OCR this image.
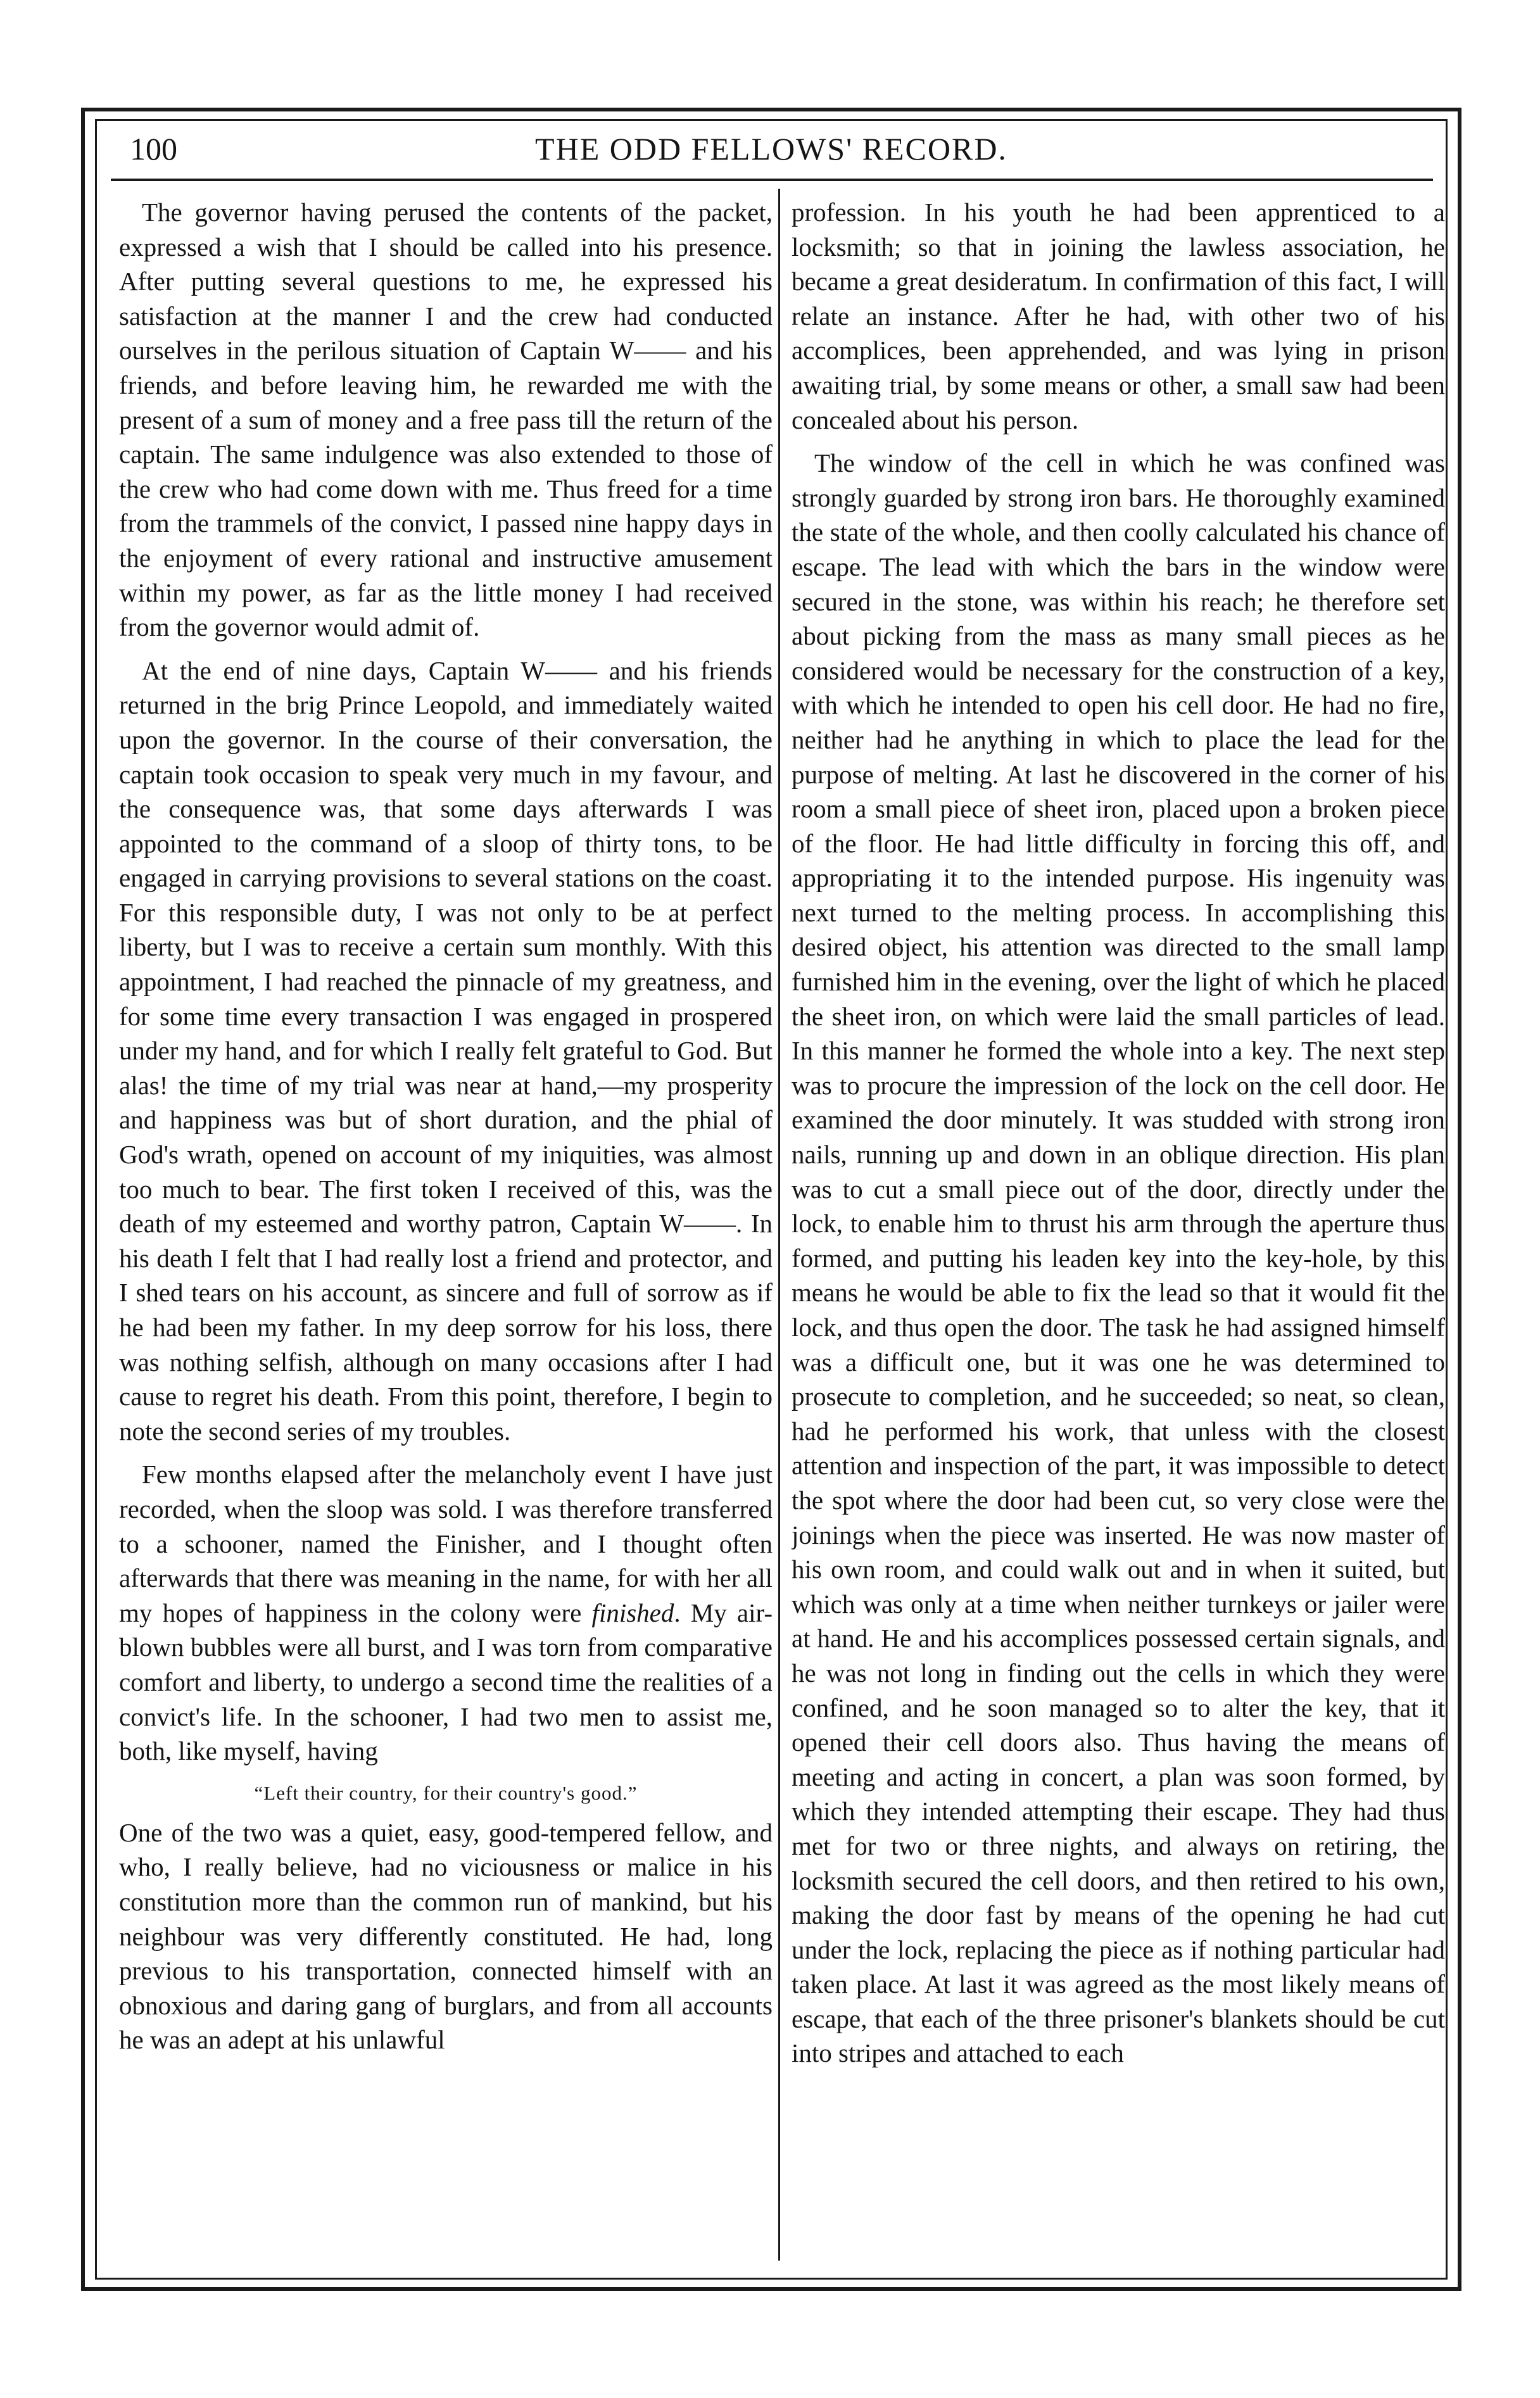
100	THE ODD FELLOWS' RECORD.

The governor having perused the contents of the packet, expressed a wish that I should be called into his presence. After putting several questions to me, he expressed his satisfaction at the manner I and the crew had conducted ourselves in the perilous situation of Captain W—— and his friends, and before leaving him, he rewarded me with the present of a sum of money and a free pass till the return of the captain. The same indulgence was also extended to those of the crew who had come down with me. Thus freed for a time from the trammels of the convict, I passed nine happy days in the enjoyment of every rational and instructive amusement within my power, as far as the little money I had received from the governor would admit of.

At the end of nine days, Captain W—— and his friends returned in the brig Prince Leopold, and immediately waited upon the governor. In the course of their conversation, the captain took occasion to speak very much in my favour, and the consequence was, that some days afterwards I was appointed to the command of a sloop of thirty tons, to be engaged in carrying provisions to several stations on the coast. For this responsible duty, I was not only to be at perfect liberty, but I was to receive a certain sum monthly. With this appointment, I had reached the pinnacle of my greatness, and for some time every transaction I was engaged in prospered under my hand, and for which I really felt grateful to God. But alas! the time of my trial was near at hand,—my prosperity and happiness was but of short duration, and the phial of God's wrath, opened on account of my iniquities, was almost too much to bear. The first token I received of this, was the death of my esteemed and worthy patron, Captain W——. In his death I felt that I had really lost a friend and protector, and I shed tears on his account, as sincere and full of sorrow as if he had been my father. In my deep sorrow for his loss, there was nothing selfish, although on many occasions after I had cause to regret his death. From this point, therefore, I begin to note the second series of my troubles.

Few months elapsed after the melancholy event I have just recorded, when the sloop was sold. I was therefore transferred to a schooner, named the Finisher, and I thought often afterwards that there was meaning in the name, for with her all my hopes of happiness in the colony were finished. My air-blown bubbles were all burst, and I was torn from comparative comfort and liberty, to undergo a second time the realities of a convict's life. In the schooner, I had two men to assist me, both, like myself, having

“Left their country, for their country's good.”

One of the two was a quiet, easy, good-tempered fellow, and who, I really believe, had no viciousness or malice in his constitution more than the common run of mankind, but his neighbour was very differently constituted. He had, long previous to his transportation, connected himself with an obnoxious and daring gang of burglars, and from all accounts he was an adept at his unlawful

profession. In his youth he had been apprenticed to a locksmith; so that in joining the lawless association, he became a great desideratum. In confirmation of this fact, I will relate an instance. After he had, with other two of his accomplices, been apprehended, and was lying in prison awaiting trial, by some means or other, a small saw had been concealed about his person.

The window of the cell in which he was confined was strongly guarded by strong iron bars. He thoroughly examined the state of the whole, and then coolly calculated his chance of escape. The lead with which the bars in the window were secured in the stone, was within his reach; he therefore set about picking from the mass as many small pieces as he considered would be necessary for the construction of a key, with which he intended to open his cell door. He had no fire, neither had he anything in which to place the lead for the purpose of melting. At last he discovered in the corner of his room a small piece of sheet iron, placed upon a broken piece of the floor. He had little difficulty in forcing this off, and appropriating it to the intended purpose. His ingenuity was next turned to the melting process. In accomplishing this desired object, his attention was directed to the small lamp furnished him in the evening, over the light of which he placed the sheet iron, on which were laid the small particles of lead. In this manner he formed the whole into a key. The next step was to procure the impression of the lock on the cell door. He examined the door minutely. It was studded with strong iron nails, running up and down in an oblique direction. His plan was to cut a small piece out of the door, directly under the lock, to enable him to thrust his arm through the aperture thus formed, and putting his leaden key into the key-hole, by this means he would be able to fix the lead so that it would fit the lock, and thus open the door. The task he had assigned himself was a difficult one, but it was one he was determined to prosecute to completion, and he succeeded; so neat, so clean, had he performed his work, that unless with the closest attention and inspection of the part, it was impossible to detect the spot where the door had been cut, so very close were the joinings when the piece was inserted. He was now master of his own room, and could walk out and in when it suited, but which was only at a time when neither turnkeys or jailer were at hand. He and his accomplices possessed certain signals, and he was not long in finding out the cells in which they were confined, and he soon managed so to alter the key, that it opened their cell doors also. Thus having the means of meeting and acting in concert, a plan was soon formed, by which they intended attempting their escape. They had thus met for two or three nights, and always on retiring, the locksmith secured the cell doors, and then retired to his own, making the door fast by means of the opening he had cut under the lock, replacing the piece as if nothing particular had taken place. At last it was agreed as the most likely means of escape, that each of the three prisoner's blankets should be cut into stripes and attached to each
